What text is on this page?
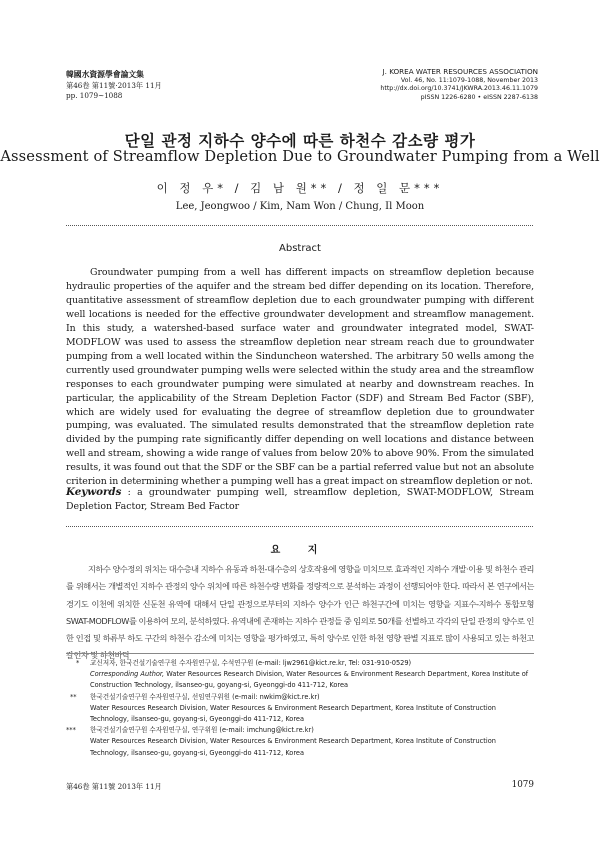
韓國水資源學會論文集
第46卷 第11號·2013年 11月
pp. 1079~1088
J. KOREA WATER RESOURCES ASSOCIATION
Vol. 46, No. 11:1079-1088, November 2013
http://dx.doi.org/10.3741/JKWRA.2013.46.11.1079
pISSN 1226-6280 • eISSN 2287-6138
단일 관정 지하수 양수에 따른 하천수 감소량 평가
Assessment of Streamflow Depletion Due to Groundwater Pumping from a Well
이 정 우* / 김 남 원** / 정 일 문***
Lee, Jeongwoo / Kim, Nam Won / Chung, Il Moon
Abstract
Groundwater pumping from a well has different impacts on streamflow depletion because hydraulic properties of the aquifer and the stream bed differ depending on its location. Therefore, quantitative assessment of streamflow depletion due to each groundwater pumping with different well locations is needed for the effective groundwater development and streamflow management. In this study, a watershed-based surface water and groundwater integrated model, SWAT-MODFLOW was used to assess the streamflow depletion near stream reach due to groundwater pumping from a well located within the Sinduncheon watershed. The arbitrary 50 wells among the currently used groundwater pumping wells were selected within the study area and the streamflow responses to each groundwater pumping were simulated at nearby and downstream reaches. In particular, the applicability of the Stream Depletion Factor (SDF) and Stream Bed Factor (SBF), which are widely used for evaluating the degree of streamflow depletion due to groundwater pumping, was evaluated. The simulated results demonstrated that the streamflow depletion rate divided by the pumping rate significantly differ depending on well locations and distance between well and stream, showing a wide range of values from below 20% to above 90%. From the simulated results, it was found out that the SDF or the SBF can be a partial referred value but not an absolute criterion in determining whether a pumping well has a great impact on streamflow depletion or not.
Keywords : a groundwater pumping well, streamflow depletion, SWAT-MODFLOW, Stream Depletion Factor, Stream Bed Factor
요 지
지하수 양수정의 위치는 대수층내 지하수 유동과 하천-대수층의 상호작용에 영향을 미치므로 효과적인 지하수 개발·이용 및 하천수 관리를 위해서는 개별적인 지하수 관정의 양수 위치에 따른 하천수량 변화를 정량적으로 분석하는 과정이 선행되어야 한다. 따라서 본 연구에서는 경기도 이천에 위치한 신둔천 유역에 대해서 단일 관정으로부터의 지하수 양수가 인근 하천구간에 미치는 영향을 지표수-지하수 통합모형 SWAT-MODFLOW를 이용하여 모의, 분석하였다. 유역내에 존재하는 지하수 관정들 중 임의로 50개를 선별하고 각각의 단일 관정의 양수로 인한 인접 및 하류부 하도 구간의 하천수 감소에 미치는 영향을 평가하였고, 특히 양수로 인한 하천 영향 판별 지표로 많이 사용되고 있는 하천고갈인자 및 하천바닥
* 교신저자, 한국건설기술연구원 수자원연구실, 수석연구원 (e-mail: ljw2961@kict.re.kr, Tel: 031-910-0529)
Corresponding Author, Water Resources Research Division, Water Resources & Environment Research Department, Korea Institute of Construction Technology, ilsanseo-gu, goyang-si, Gyeonggi-do 411-712, Korea
** 한국건설기술연구원 수자원연구실, 선임연구위원 (e-mail: nwkim@kict.re.kr)
Water Resources Research Division, Water Resources & Environment Research Department, Korea Institute of Construction Technology, ilsanseo-gu, goyang-si, Gyeonggi-do 411-712, Korea
*** 한국건설기술연구원 수자원연구실, 연구위원 (e-mail: imchung@kict.re.kr)
Water Resources Research Division, Water Resources & Environment Research Department, Korea Institute of Construction Technology, ilsanseo-gu, goyang-si, Gyeonggi-do 411-712, Korea
第46卷 第11號 2013年 11月	1079
